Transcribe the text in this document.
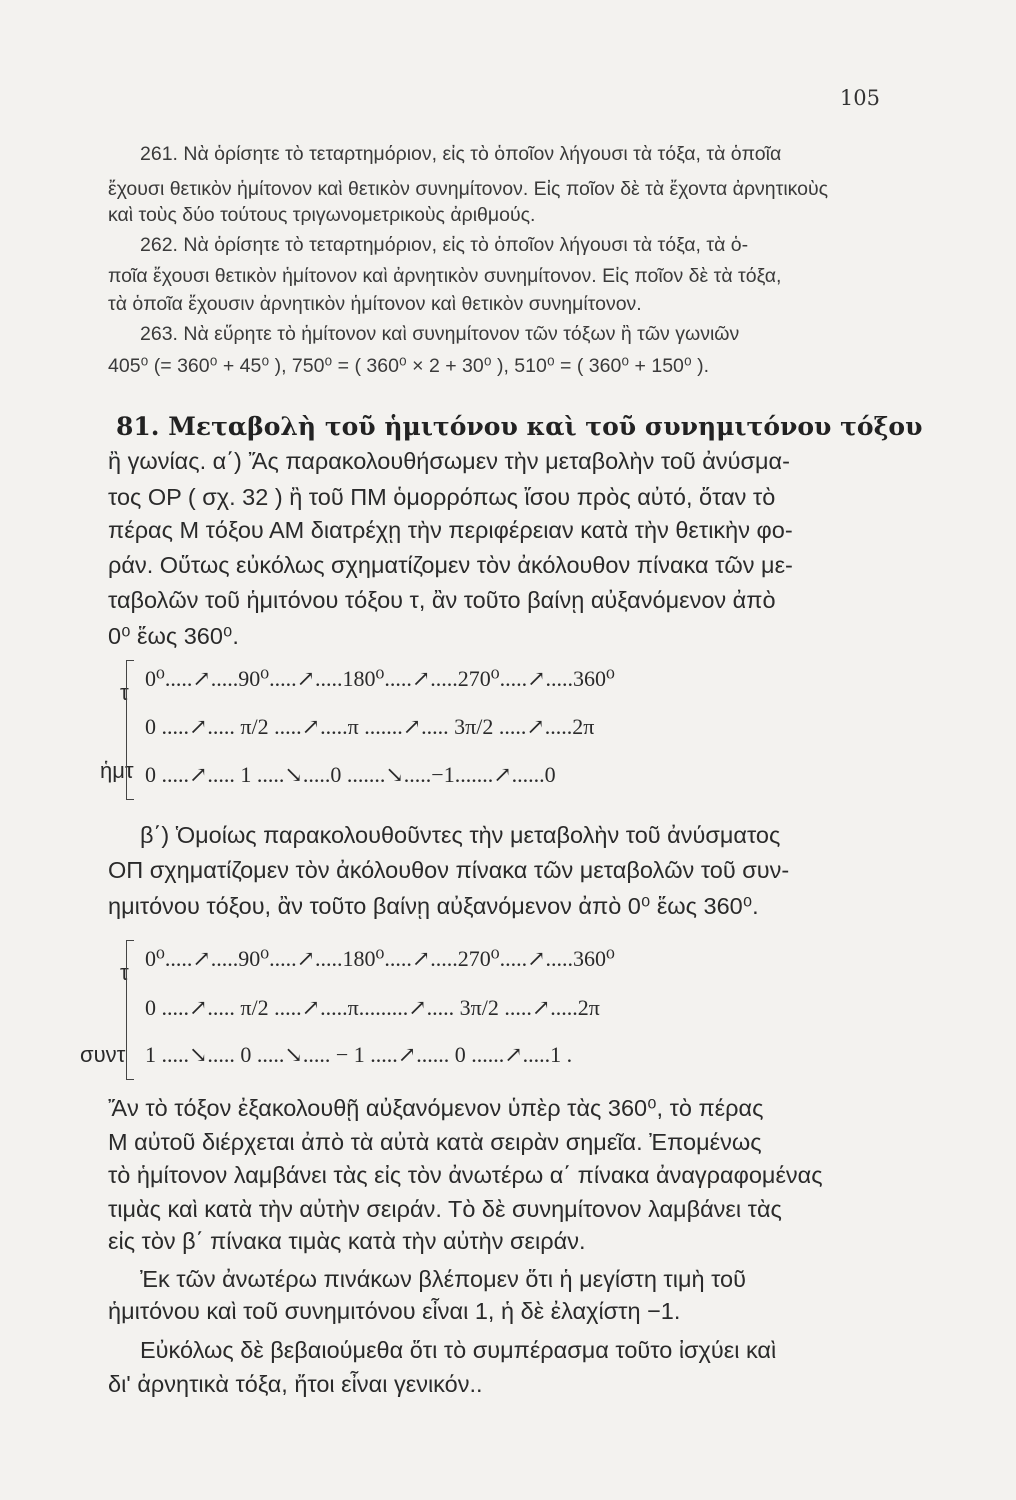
105
261. Νὰ ὁρίσητε τὸ τεταρτημόριον, εἰς τὸ ὁποῖον λήγουσι τὰ τόξα, τὰ ὁποῖα
ἔχουσι θετικὸν ἡμίτονον καὶ θετικὸν συνημίτονον. Εἰς ποῖον δὲ τὰ ἔχοντα ἀρνητικοὺς
καὶ τοὺς δύο τούτους τριγωνομετρικοὺς ἀριθμούς.
262. Νὰ ὁρίσητε τὸ τεταρτημόριον, εἰς τὸ ὁποῖον λήγουσι τὰ τόξα, τὰ ὁ-
ποῖα ἔχουσι θετικὸν ἡμίτονον καὶ ἀρνητικὸν συνημίτονον. Εἰς ποῖον δὲ τὰ τόξα,
τὰ ὁποῖα ἔχουσιν ἀρνητικὸν ἡμίτονον καὶ θετικὸν συνημίτονον.
263. Νὰ εὕρητε τὸ ἡμίτονον καὶ συνημίτονον τῶν τόξων ἢ τῶν γωνιῶν
405⁰ (= 360⁰ + 45⁰ ), 750⁰ = ( 360⁰ × 2 + 30⁰ ), 510⁰ = ( 360⁰ + 150⁰ ).
81. Μεταβολὴ τοῦ ἡμιτόνου καὶ τοῦ συνημιτόνου τόξου
ἢ γωνίας. α΄) Ἄς παρακολουθήσωμεν τὴν μεταβολὴν τοῦ ἀνύσμα-
τος ΟΡ ( σχ. 32 ) ἢ τοῦ ΠΜ ὁμορρόπως ἴσου πρὸς αὐτό, ὅταν τὸ
πέρας Μ τόξου ΑΜ διατρέχῃ τὴν περιφέρειαν κατὰ τὴν θετικὴν φο-
ράν. Οὕτως εὐκόλως σχηματίζομεν τὸν ἀκόλουθον πίνακα τῶν με-
ταβολῶν τοῦ ἡμιτόνου τόξου τ, ἂν τοῦτο βαίνῃ αὐξανόμενον ἀπὸ
0⁰ ἕως 360⁰.
τ
ἡμτ
0⁰.....↗.....90⁰.....↗.....180⁰.....↗.....270⁰.....↗.....360⁰
0 .....↗..... π/2 .....↗.....π .......↗..... 3π/2 .....↗.....2π
0 .....↗..... 1 .....↘.....0 .......↘.....−1.......↗......0
β΄) Ὁμοίως παρακολουθοῦντες τὴν μεταβολὴν τοῦ ἀνύσματος
ΟΠ σχηματίζομεν τὸν ἀκόλουθον πίνακα τῶν μεταβολῶν τοῦ συν-
ημιτόνου τόξου, ἂν τοῦτο βαίνῃ αὐξανόμενον ἀπὸ 0⁰ ἕως 360⁰.
τ
συντ
0⁰.....↗.....90⁰.....↗.....180⁰.....↗.....270⁰.....↗.....360⁰
0 .....↗..... π/2 .....↗.....π.........↗..... 3π/2 .....↗.....2π
1 .....↘..... 0 .....↘..... − 1 .....↗...... 0 ......↗.....1 .
Ἄν τὸ τόξον ἐξακολουθῇ αὐξανόμενον ὑπὲρ τὰς 360⁰, τὸ πέρας
Μ αὐτοῦ διέρχεται ἀπὸ τὰ αὐτὰ κατὰ σειρὰν σημεῖα. Ἐπομένως
τὸ ἡμίτονον λαμβάνει τὰς εἰς τὸν ἀνωτέρω α΄ πίνακα ἀναγραφομένας
τιμὰς καὶ κατὰ τὴν αὐτὴν σειράν. Τὸ δὲ συνημίτονον λαμβάνει τὰς
εἰς τὸν β΄ πίνακα τιμὰς κατὰ τὴν αὐτὴν σειράν.
Ἐκ τῶν ἀνωτέρω πινάκων βλέπομεν ὅτι ἡ μεγίστη τιμὴ τοῦ
ἡμιτόνου καὶ τοῦ συνημιτόνου εἶναι 1, ἡ δὲ ἐλαχίστη −1.
Εὐκόλως δὲ βεβαιούμεθα ὅτι τὸ συμπέρασμα τοῦτο ἰσχύει καὶ
δι' ἀρνητικὰ τόξα, ἤτοι εἶναι γενικόν..
